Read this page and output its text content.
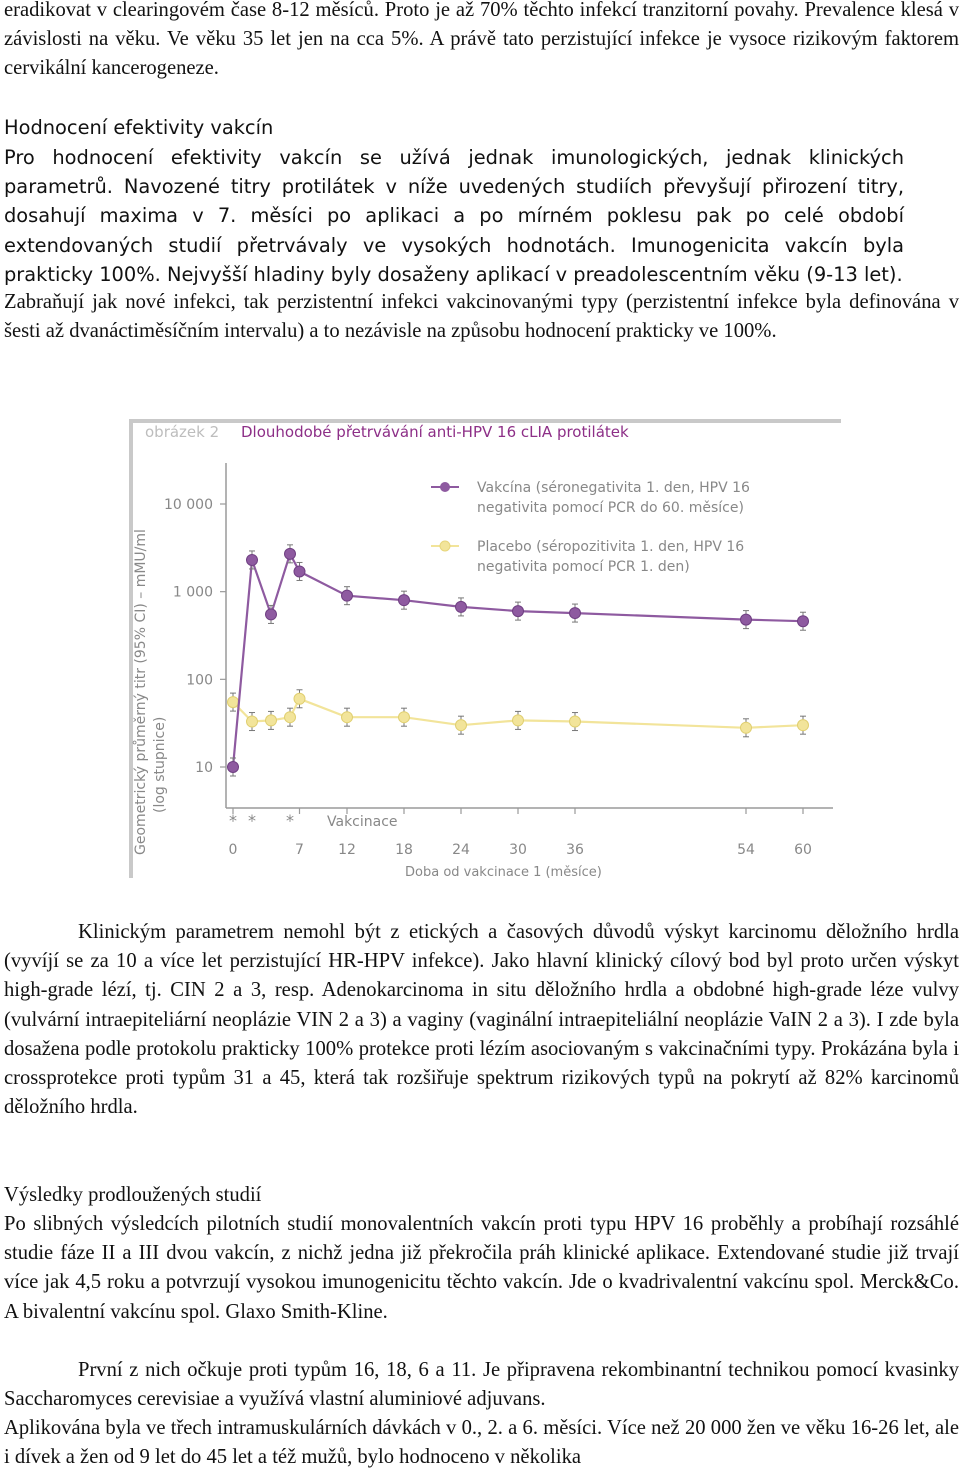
eradikovat v clearingovém čase 8-12 měsíců. Proto je až 70% těchto infekcí tranzitorní povahy. Prevalence klesá v závislosti na věku. Ve věku 35 let jen na cca 5%. A právě tato perzistující infekce je vysoce rizikovým faktorem cervikální kancerogeneze.

Hodnocení efektivity vakcín

Pro hodnocení efektivity vakcín se užívá jednak imunologických, jednak klinických parametrů. Navozené titry protilátek v níže uvedených studiích převyšují přirození titry, dosahují maxima v 7. měsíci po aplikaci a po mírném poklesu pak po celé období extendovaných studií přetrvávaly ve vysokých hodnotách. Imunogenicita vakcín byla prakticky 100%. Nejvyšší hladiny byly dosaženy aplikací v preadolescentním věku (9-13 let).

Zabraňují jak nové infekci, tak perzistentní infekci vakcinovanými typy (perzistentní infekce byla definována v šesti až dvanáctiměsíčním intervalu) a to nezávisle na způsobu hodnocení prakticky ve 100%.

obrázek 2 Dlouhodobé přetrvávání anti-HPV 16 cLIA protilátek
Geometrický průměrný titr (95% CI) – mMU/ml (log stupnice) 10
100
1 000
10 000
0	7 12	18	24	30	36	54	60
* * * Vakcinace
Doba od vakcinace 1 (měsíce)
Vakcína (séronegativita 1. den, HPV 16
negativita pomocí PCR do 60. měsíce)
Placebo (séropozitivita 1. den, HPV 16
negativita pomocí PCR 1. den)

Klinickým parametrem nemohl být z etických a časových důvodů výskyt karcinomu děložního hrdla (vyvíjí se za 10 a více let perzistující HR-HPV infekce). Jako hlavní klinický cílový bod byl proto určen výskyt high-grade lézí, tj. CIN 2 a 3, resp. Adenokarcinoma in situ děložního hrdla a obdobné high-grade léze vulvy (vulvární intraepiteliární neoplázie VIN 2 a 3) a vaginy (vaginální intraepiteliální neoplázie VaIN 2 a 3). I zde byla dosažena podle protokolu prakticky 100% protekce proti lézím asociovaným s vakcinačními typy. Prokázána byla i crossprotekce proti typům 31 a 45, která tak rozšiřuje spektrum rizikových typů na pokrytí až 82% karcinomů děložního hrdla.

Výsledky prodloužených studií

Po slibných výsledcích pilotních studií monovalentních vakcín proti typu HPV 16 proběhly a probíhají rozsáhlé studie fáze II a III dvou vakcín, z nichž jedna již překročila práh klinické aplikace. Extendované studie již trvají více jak 4,5 roku a potvrzují vysokou imunogenicitu těchto vakcín. Jde o kvadrivalentní vakcínu spol. Merck&Co. A bivalentní vakcínu spol. Glaxo Smith-Kline.

První z nich očkuje proti typům 16, 18, 6 a 11. Je připravena rekombinantní technikou pomocí kvasinky Saccharomyces cerevisiae a využívá vlastní aluminiové adjuvans.

Aplikována byla ve třech intramuskulárních dávkách v 0., 2. a 6. měsíci. Více než 20 000 žen ve věku 16-26 let, ale i dívek a žen od 9 let do 45 let a též mužů, bylo hodnoceno v několika
